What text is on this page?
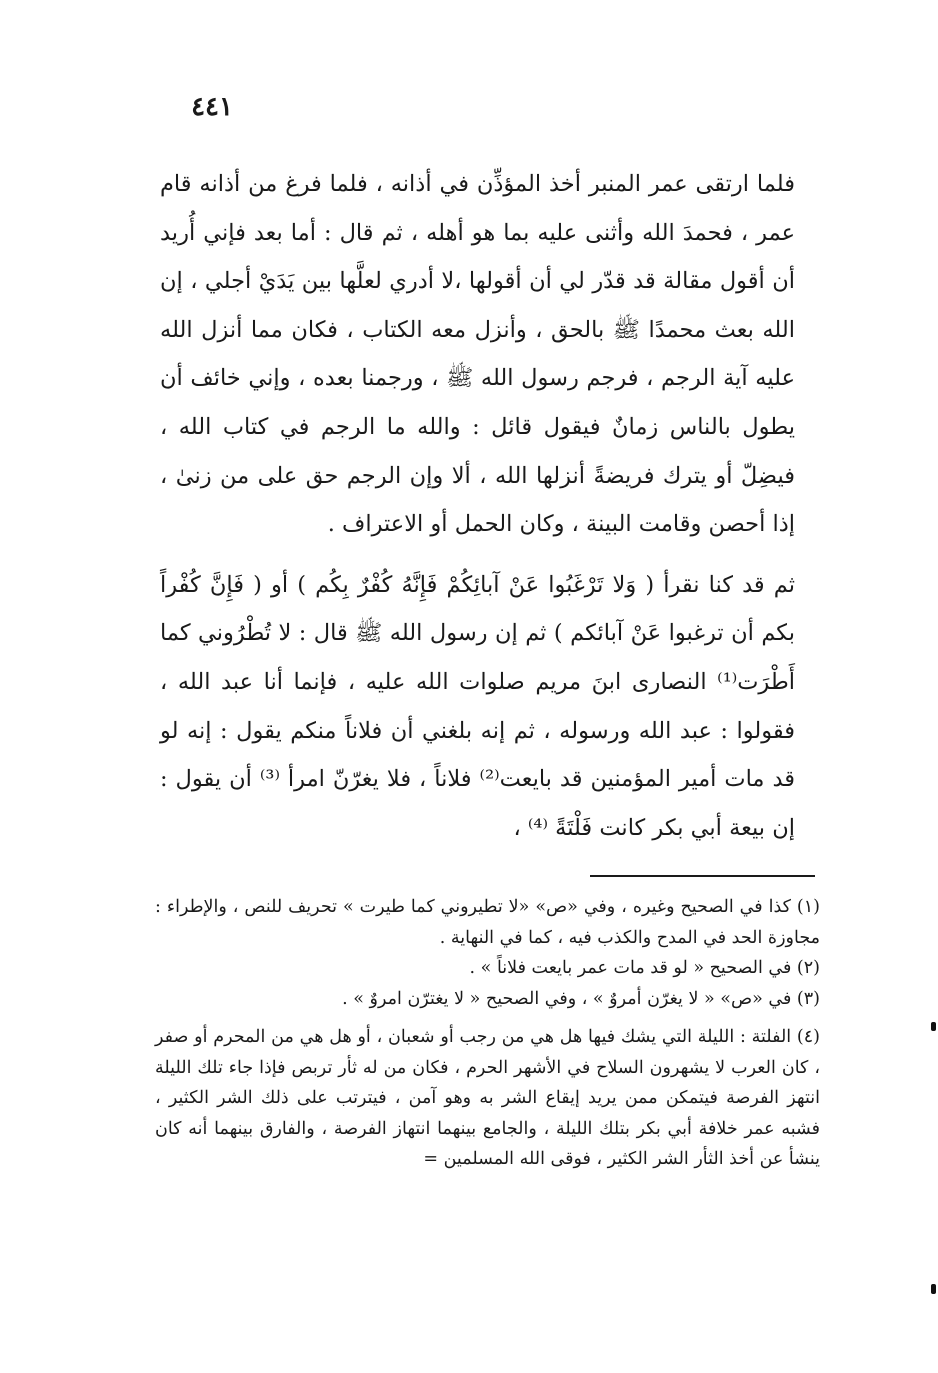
٤٤١

فلما ارتقى عمر المنبر أخذ المؤذِّن في أذانه ، فلما فرغ من أذانه قام عمر ، فحمدَ الله وأثنى عليه بما هو أهله ، ثم قال : أما بعد فإني أُريد أن أقول مقالة قد قدّر لي أن أقولها ،لا أدري لعلَّها بين يَدَيْ أجلي ، إن الله بعث محمدًا ﷺ بالحق ، وأنزل معه الكتاب ، فكان مما أنزل الله عليه آية الرجم ، فرجم رسول الله ﷺ ، ورجمنا بعده ، وإني خائف أن يطول بالناس زمانٌ فيقول قائل : والله ما الرجم في كتاب الله ، فيضِلّ أو يترك فريضةً أنزلها الله ، ألا وإن الرجم حق على من زنىٰ ، إذا أحصن وقامت البينة ، وكان الحمل أو الاعتراف .

ثم قد كنا نقرأ ( وَلا تَرْغَبُوا عَنْ آبائِكُمْ فَإِنَّهُ كُفْرٌ بِكُم ) أو ( فَإِنَّ كُفْراً بكم أن ترغبوا عَنْ آبائكم ) ثم إن رسول الله ﷺ قال : لا تُطْرُوني كما أَطْرَت⁽¹⁾ النصارى ابنَ مريم صلوات الله عليه ، فإنما أنا عبد الله ، فقولوا : عبد الله ورسوله ، ثم إنه بلغني أن فلاناً منكم يقول : إنه لو قد مات أمير المؤمنين قد بايعت⁽²⁾ فلاناً ، فلا يغرّنّ امرأ ⁽³⁾ أن يقول : إن بيعة أبي بكر كانت فَلْتَةً ⁽⁴⁾ ،

(١) كذا في الصحيح وغيره ، وفي «ص» «لا تطيروني كما طيرت » تحريف للنص ، والإطراء : مجاوزة الحد في المدح والكذب فيه ، كما في النهاية .

(٢) في الصحيح « لو قد مات عمر بايعت فلاناً » .

(٣) في «ص» « لا يغرّن أمروٌ » ، وفي الصحيح « لا يغترّن امروٌ » .

(٤) الفلتة : الليلة التي يشك فيها هل هي من رجب أو شعبان ، أو هل هي من المحرم أو صفر ، كان العرب لا يشهرون السلاح في الأشهر الحرم ، فكان من له ثأر تربص فإذا جاء تلك الليلة انتهز الفرصة فيتمكن ممن يريد إيقاع الشر به وهو آمن ، فيترتب على ذلك الشر الكثير ، فشبه عمر خلافة أبي بكر بتلك الليلة ، والجامع بينهما انتهاز الفرصة ، والفارق بينهما أنه كان ينشأ عن أخذ الثأر الشر الكثير ، فوقى الله المسلمين =
